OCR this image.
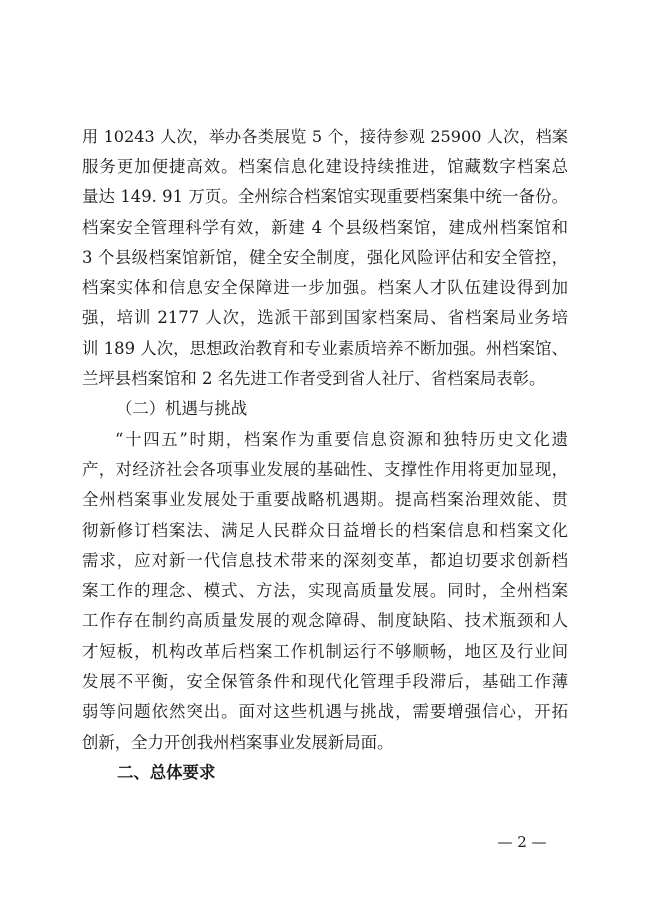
用 10243 人次，举办各类展览 5 个，接待参观 25900 人次，档案
服务更加便捷高效。档案信息化建设持续推进，馆藏数字档案总
量达 149. 91 万页。全州综合档案馆实现重要档案集中统一备份。
档案安全管理科学有效，新建 4 个县级档案馆，建成州档案馆和
3 个县级档案馆新馆，健全安全制度，强化风险评估和安全管控，
档案实体和信息安全保障进一步加强。档案人才队伍建设得到加
强，培训 2177 人次，选派干部到国家档案局、省档案局业务培
训 189 人次，思想政治教育和专业素质培养不断加强。州档案馆、
兰坪县档案馆和 2 名先进工作者受到省人社厅、省档案局表彰。
（二）机遇与挑战
“十四五”时期，档案作为重要信息资源和独特历史文化遗
产，对经济社会各项事业发展的基础性、支撑性作用将更加显现，
全州档案事业发展处于重要战略机遇期。提高档案治理效能、贯
彻新修订档案法、满足人民群众日益增长的档案信息和档案文化
需求，应对新一代信息技术带来的深刻变革，都迫切要求创新档
案工作的理念、模式、方法，实现高质量发展。同时，全州档案
工作存在制约高质量发展的观念障碍、制度缺陷、技术瓶颈和人
才短板，机构改革后档案工作机制运行不够顺畅，地区及行业间
发展不平衡，安全保管条件和现代化管理手段滞后，基础工作薄
弱等问题依然突出。面对这些机遇与挑战，需要增强信心，开拓
创新，全力开创我州档案事业发展新局面。
二、总体要求
— 2 —
